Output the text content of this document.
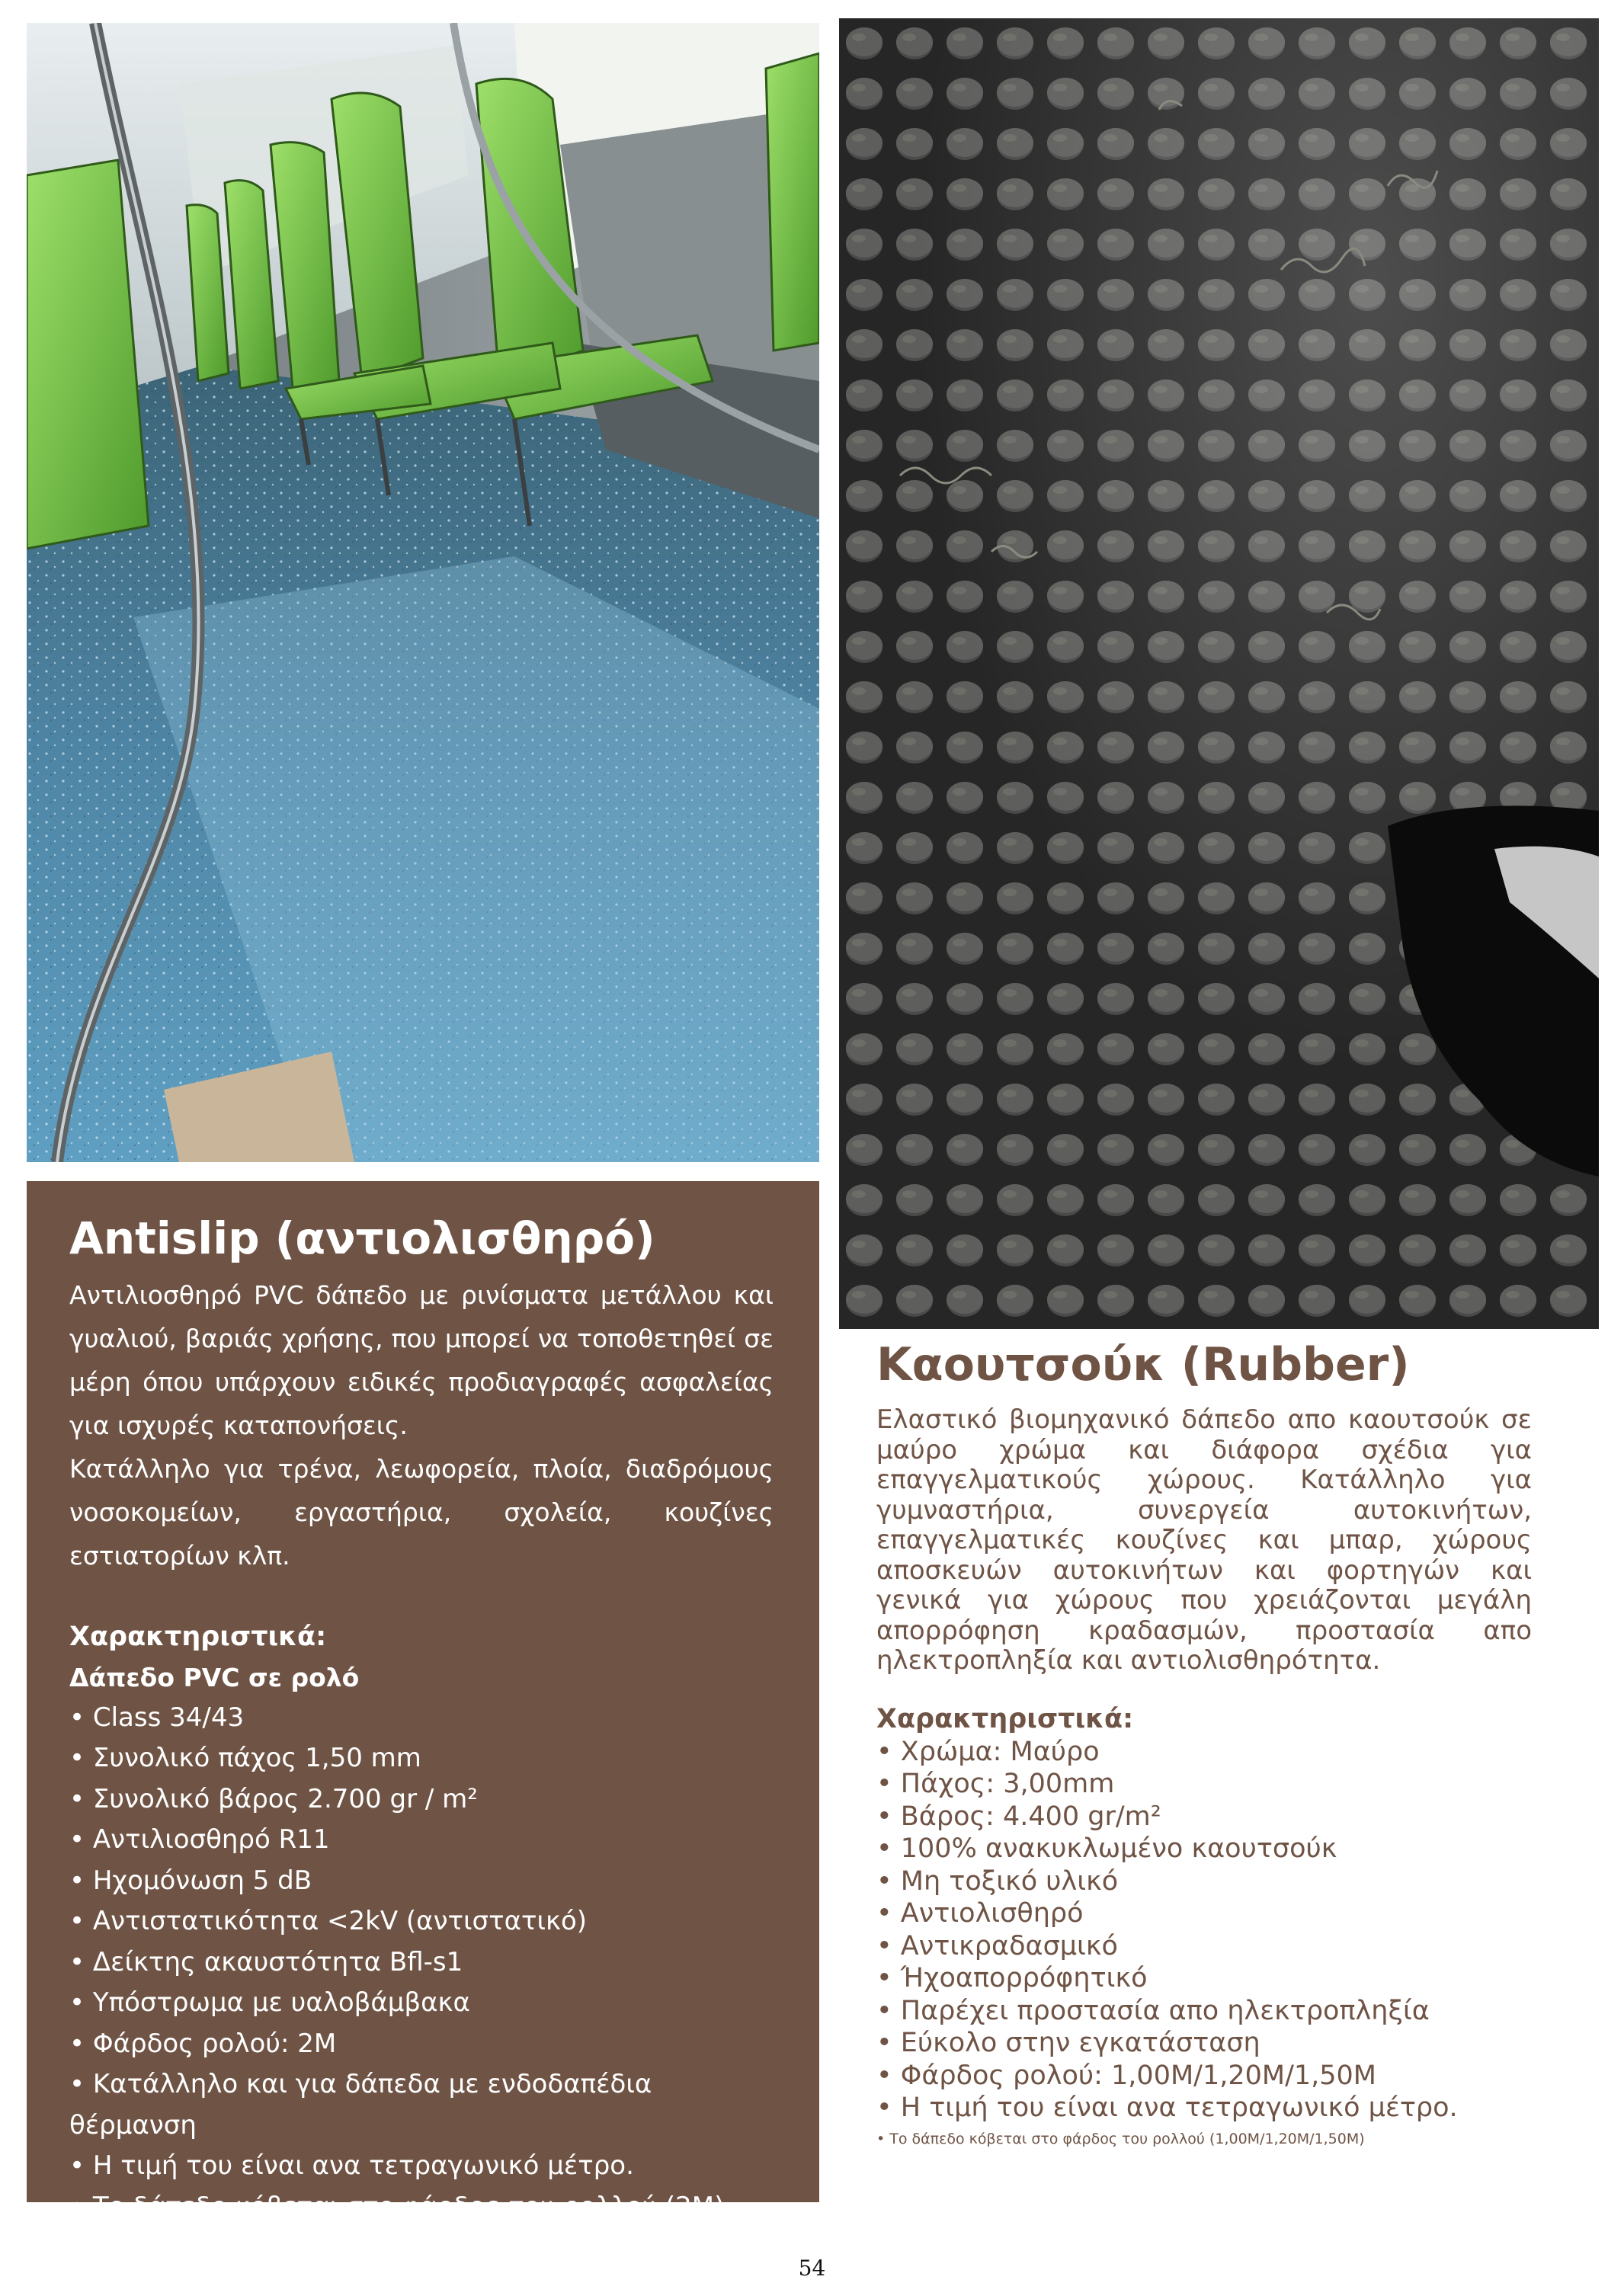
Antislip (αντιολισθηρό)

Αντιλιοσθηρό PVC δάπεδο με ρινίσματα μετάλλου και γυαλιού, βαριάς χρήσης, που μπορεί να τοποθετηθεί σε μέρη όπου υπάρχουν ειδικές προδιαγραφές ασφαλείας για ισχυρές καταπονήσεις.

Κατάλληλο για τρένα, λεωφορεία, πλοία, διαδρόμους νοσοκομείων, εργαστήρια, σχολεία, κουζίνες εστιατορίων κλπ.

Χαρακτηριστικά:

Δάπεδο PVC σε ρολό

• Class 34/43
• Συνολικό πάχος 1,50 mm
• Συνολικό βάρος 2.700 gr / m²
• Αντιλιοσθηρό R11
• Ηχομόνωση 5 dB
• Αντιστατικότητα <2kV (αντιστατικό)
• Δείκτης ακαυστότητα Bfl-s1
• Υπόστρωμα με υαλοβάμβακα
• Φάρδος ρολού: 2M
• Κατάλληλο και για δάπεδα με ενδοδαπέδια θέρμανση
• Η τιμή του είναι ανα τετραγωνικό μέτρο.
• Το δάπεδο κόβεται στο φάρδος του ρολλού (2M)
Καουτσούκ (Rubber)

Ελαστικό βιομηχανικό δάπεδο απο καουτσούκ σε μαύρο χρώμα και διάφορα σχέδια για επαγγελματικούς χώρους. Κατάλληλο για γυμναστήρια, συνεργεία αυτοκινήτων, επαγγελματικές κουζίνες και μπαρ, χώρους αποσκευών αυτοκινήτων και φορτηγών και γενικά για χώρους που χρειάζονται μεγάλη απορρόφηση κραδασμών, προστασία απο ηλεκτροπληξία και αντιολισθηρότητα.

Χαρακτηριστικά:

• Χρώμα: Μαύρο
• Πάχος: 3,00mm
• Βάρος: 4.400 gr/m²
• 100% ανακυκλωμένο καουτσούκ
• Μη τοξικό υλικό
• Αντιολισθηρό
• Αντικραδασμικό
• Ήχοαπορρόφητικό
• Παρέχει προστασία απο ηλεκτροπληξία
• Εύκολο στην εγκατάσταση
• Φάρδος ρολού: 1,00M/1,20M/1,50M
• Η τιμή του είναι ανα τετραγωνικό μέτρο.

• Το δάπεδο κόβεται στο φάρδος του ρολλού (1,00M/1,20M/1,50M)

54
